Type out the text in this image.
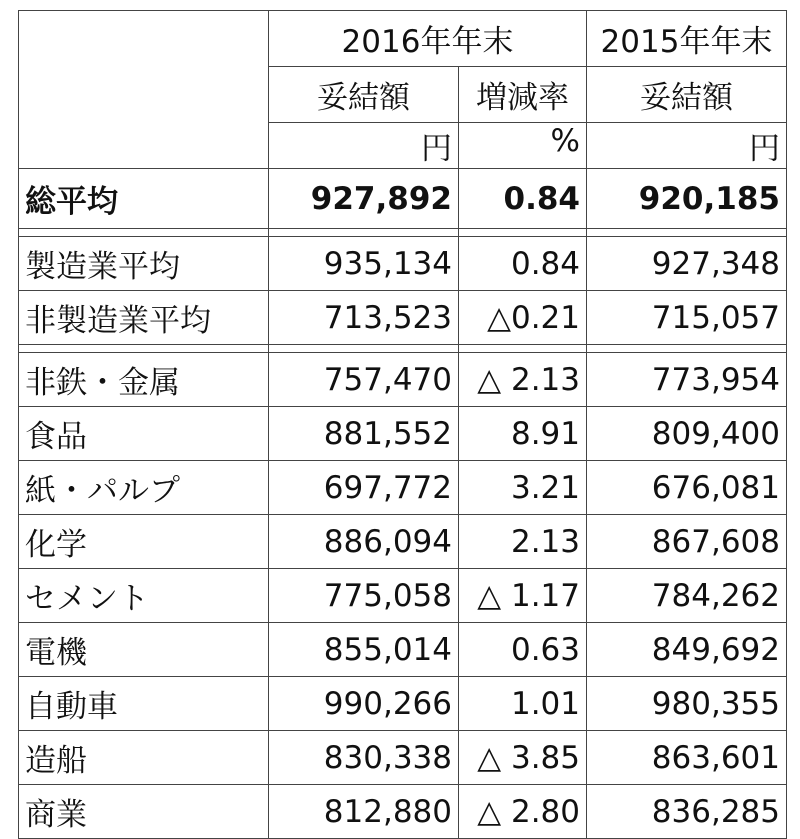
	2016年年末		2015年年末
	妥結額	増減率	妥結額
	円	%	円
総平均	927,892	0.84	920,185

製造業平均	935,134	0.84	927,348
非製造業平均	713,523	△0.21	715,057

非鉄・金属	757,470	△ 2.13	773,954
食品	881,552	8.91	809,400
紙・パルプ	697,772	3.21	676,081
化学	886,094	2.13	867,608
セメント	775,058	△ 1.17	784,262
電機	855,014	0.63	849,692
自動車	990,266	1.01	980,355
造船	830,338	△ 3.85	863,601
商業	812,880	△ 2.80	836,285
